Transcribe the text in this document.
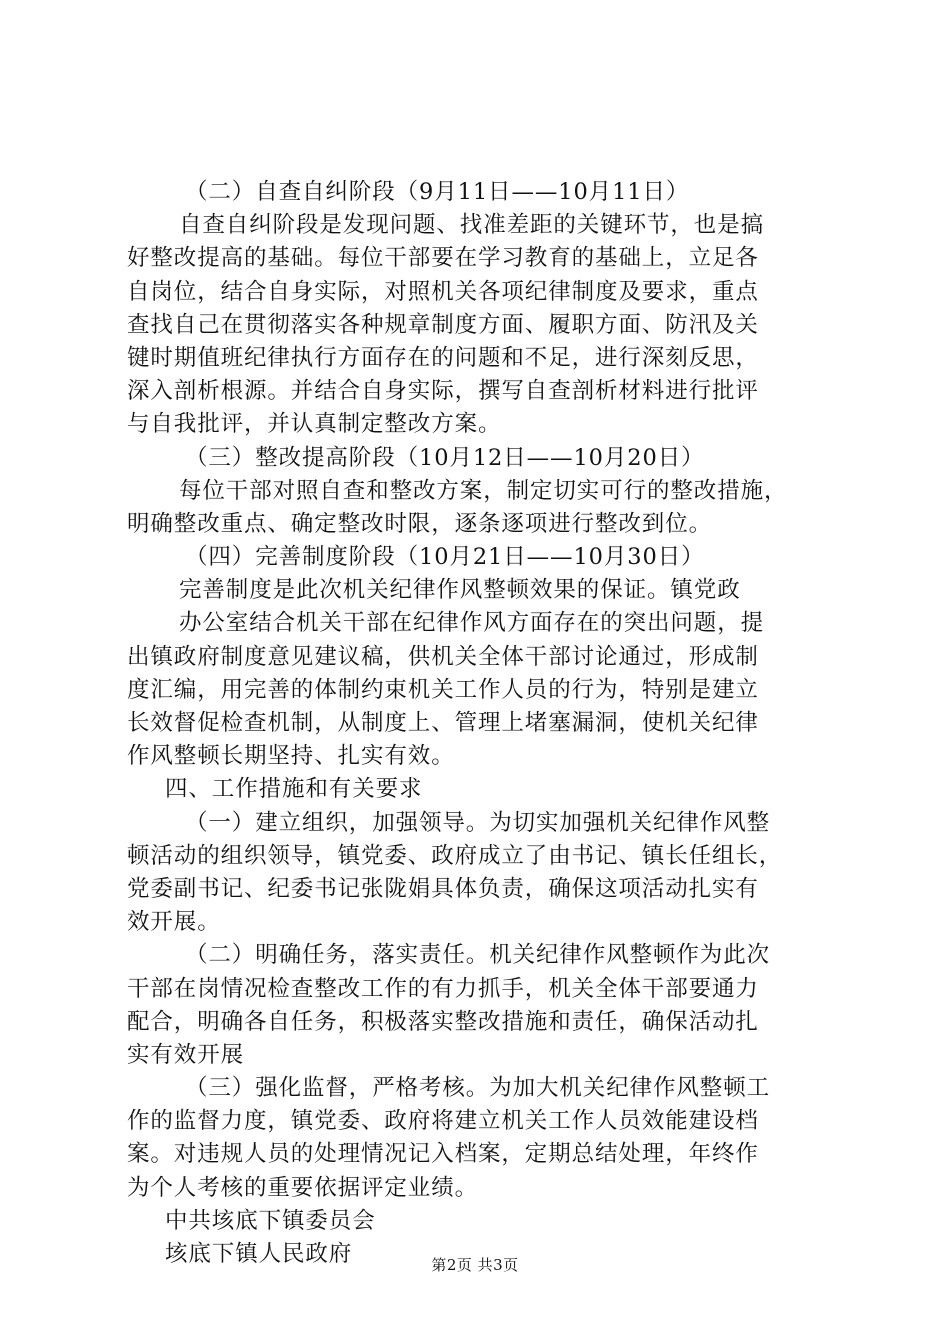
（二）自查自纠阶段（9月11日——10月11日）
自查自纠阶段是发现问题、找准差距的关键环节，也是搞
好整改提高的基础。每位干部要在学习教育的基础上，立足各
自岗位，结合自身实际，对照机关各项纪律制度及要求，重点
查找自己在贯彻落实各种规章制度方面、履职方面、防汛及关
键时期值班纪律执行方面存在的问题和不足，进行深刻反思，
深入剖析根源。并结合自身实际，撰写自查剖析材料进行批评
与自我批评，并认真制定整改方案。
（三）整改提高阶段（10月12日——10月20日）
每位干部对照自查和整改方案，制定切实可行的整改措施，
明确整改重点、确定整改时限，逐条逐项进行整改到位。
（四）完善制度阶段（10月21日——10月30日）
完善制度是此次机关纪律作风整顿效果的保证。镇党政
办公室结合机关干部在纪律作风方面存在的突出问题，提
出镇政府制度意见建议稿，供机关全体干部讨论通过，形成制
度汇编，用完善的体制约束机关工作人员的行为，特别是建立
长效督促检查机制，从制度上、管理上堵塞漏洞，使机关纪律
作风整顿长期坚持、扎实有效。
四、工作措施和有关要求
（一）建立组织，加强领导。为切实加强机关纪律作风整
顿活动的组织领导，镇党委、政府成立了由书记、镇长任组长，
党委副书记、纪委书记张陇娟具体负责，确保这项活动扎实有
效开展。
（二）明确任务，落实责任。机关纪律作风整顿作为此次
干部在岗情况检查整改工作的有力抓手，机关全体干部要通力
配合，明确各自任务，积极落实整改措施和责任，确保活动扎
实有效开展
（三）强化监督，严格考核。为加大机关纪律作风整顿工
作的监督力度，镇党委、政府将建立机关工作人员效能建设档
案。对违规人员的处理情况记入档案，定期总结处理，年终作
为个人考核的重要依据评定业绩。
中共垓底下镇委员会
垓底下镇人民政府	第2页 共3页
